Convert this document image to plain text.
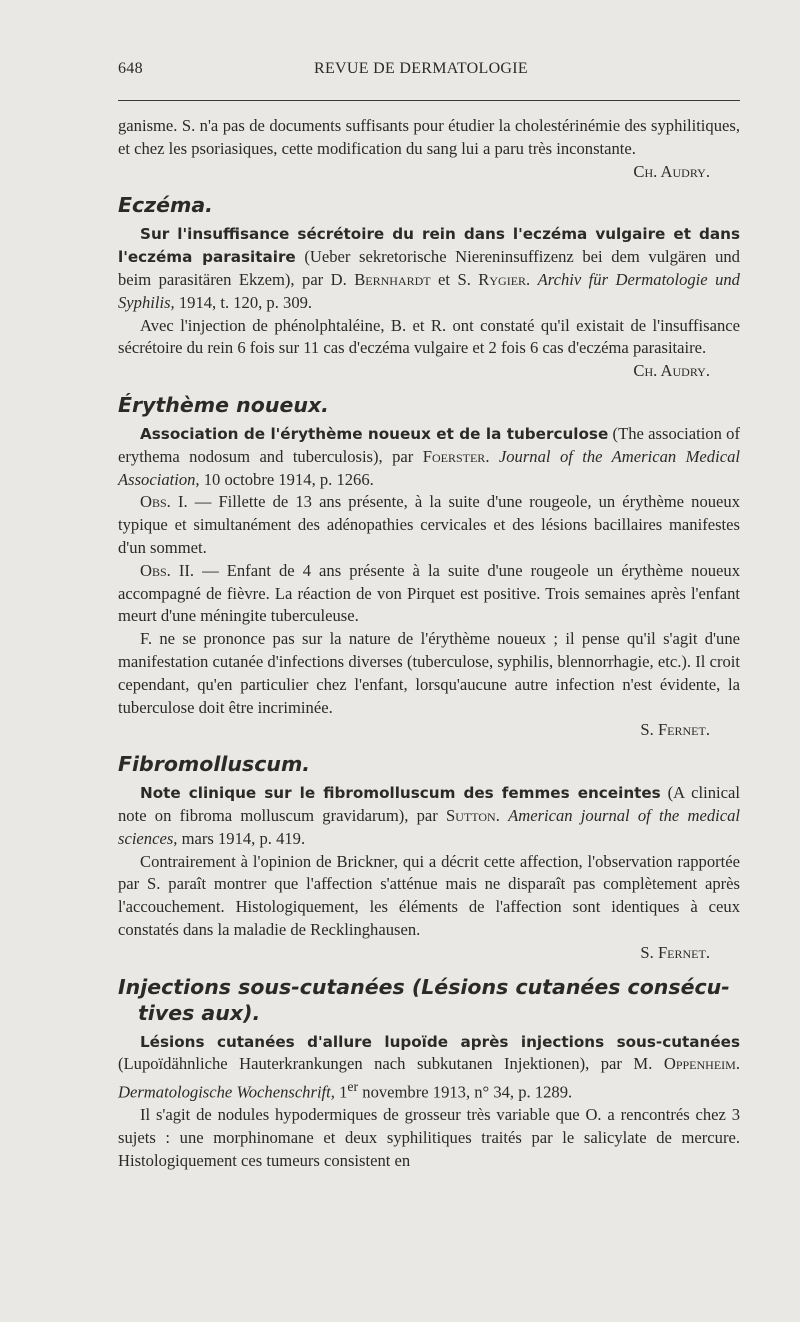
648	REVUE DE DERMATOLOGIE

ganisme. S. n'a pas de documents suffisants pour étudier la cholestérinémie des syphilitiques, et chez les psoriasiques, cette modification du sang lui a paru très inconstante.

Ch. Audry.

Eczéma.

Sur l'insuffisance sécrétoire du rein dans l'eczéma vulgaire et dans l'eczéma parasitaire (Ueber sekretorische Niereninsuffizenz bei dem vulgären und beim parasitären Ekzem), par D. Bernhardt et S. Rygier. Archiv für Dermatologie und Syphilis, 1914, t. 120, p. 309.

Avec l'injection de phénolphtaléine, B. et R. ont constaté qu'il existait de l'insuffisance sécrétoire du rein 6 fois sur 11 cas d'eczéma vulgaire et 2 fois 6 cas d'eczéma parasitaire.

Ch. Audry.

Érythème noueux.

Association de l'érythème noueux et de la tuberculose (The association of erythema nodosum and tuberculosis), par Foerster. Journal of the American Medical Association, 10 octobre 1914, p. 1266.

Obs. I. — Fillette de 13 ans présente, à la suite d'une rougeole, un érythème noueux typique et simultanément des adénopathies cervicales et des lésions bacillaires manifestes d'un sommet.

Obs. II. — Enfant de 4 ans présente à la suite d'une rougeole un érythème noueux accompagné de fièvre. La réaction de von Pirquet est positive. Trois semaines après l'enfant meurt d'une méningite tuberculeuse.

F. ne se prononce pas sur la nature de l'érythème noueux ; il pense qu'il s'agit d'une manifestation cutanée d'infections diverses (tuberculose, syphilis, blennorrhagie, etc.). Il croit cependant, qu'en particulier chez l'enfant, lorsqu'aucune autre infection n'est évidente, la tuberculose doit être incriminée.

S. Fernet.

Fibromolluscum.

Note clinique sur le fibromolluscum des femmes enceintes (A clinical note on fibroma molluscum gravidarum), par Sutton. American journal of the medical sciences, mars 1914, p. 419.

Contrairement à l'opinion de Brickner, qui a décrit cette affection, l'observation rapportée par S. paraît montrer que l'affection s'atténue mais ne disparaît pas complètement après l'accouchement. Histologiquement, les éléments de l'affection sont identiques à ceux constatés dans la maladie de Recklinghausen.

S. Fernet.

Injections sous-cutanées (Lésions cutanées consécu-
tives aux).

Lésions cutanées d'allure lupoïde après injections sous-cutanées (Lupoïdähnliche Hauterkrankungen nach subkutanen Injektionen), par M. Oppenheim. Dermatologische Wochenschrift, 1er novembre 1913, n° 34, p. 1289.

Il s'agit de nodules hypodermiques de grosseur très variable que O. a rencontrés chez 3 sujets : une morphinomane et deux syphilitiques traités par le salicylate de mercure. Histologiquement ces tumeurs consistent en
